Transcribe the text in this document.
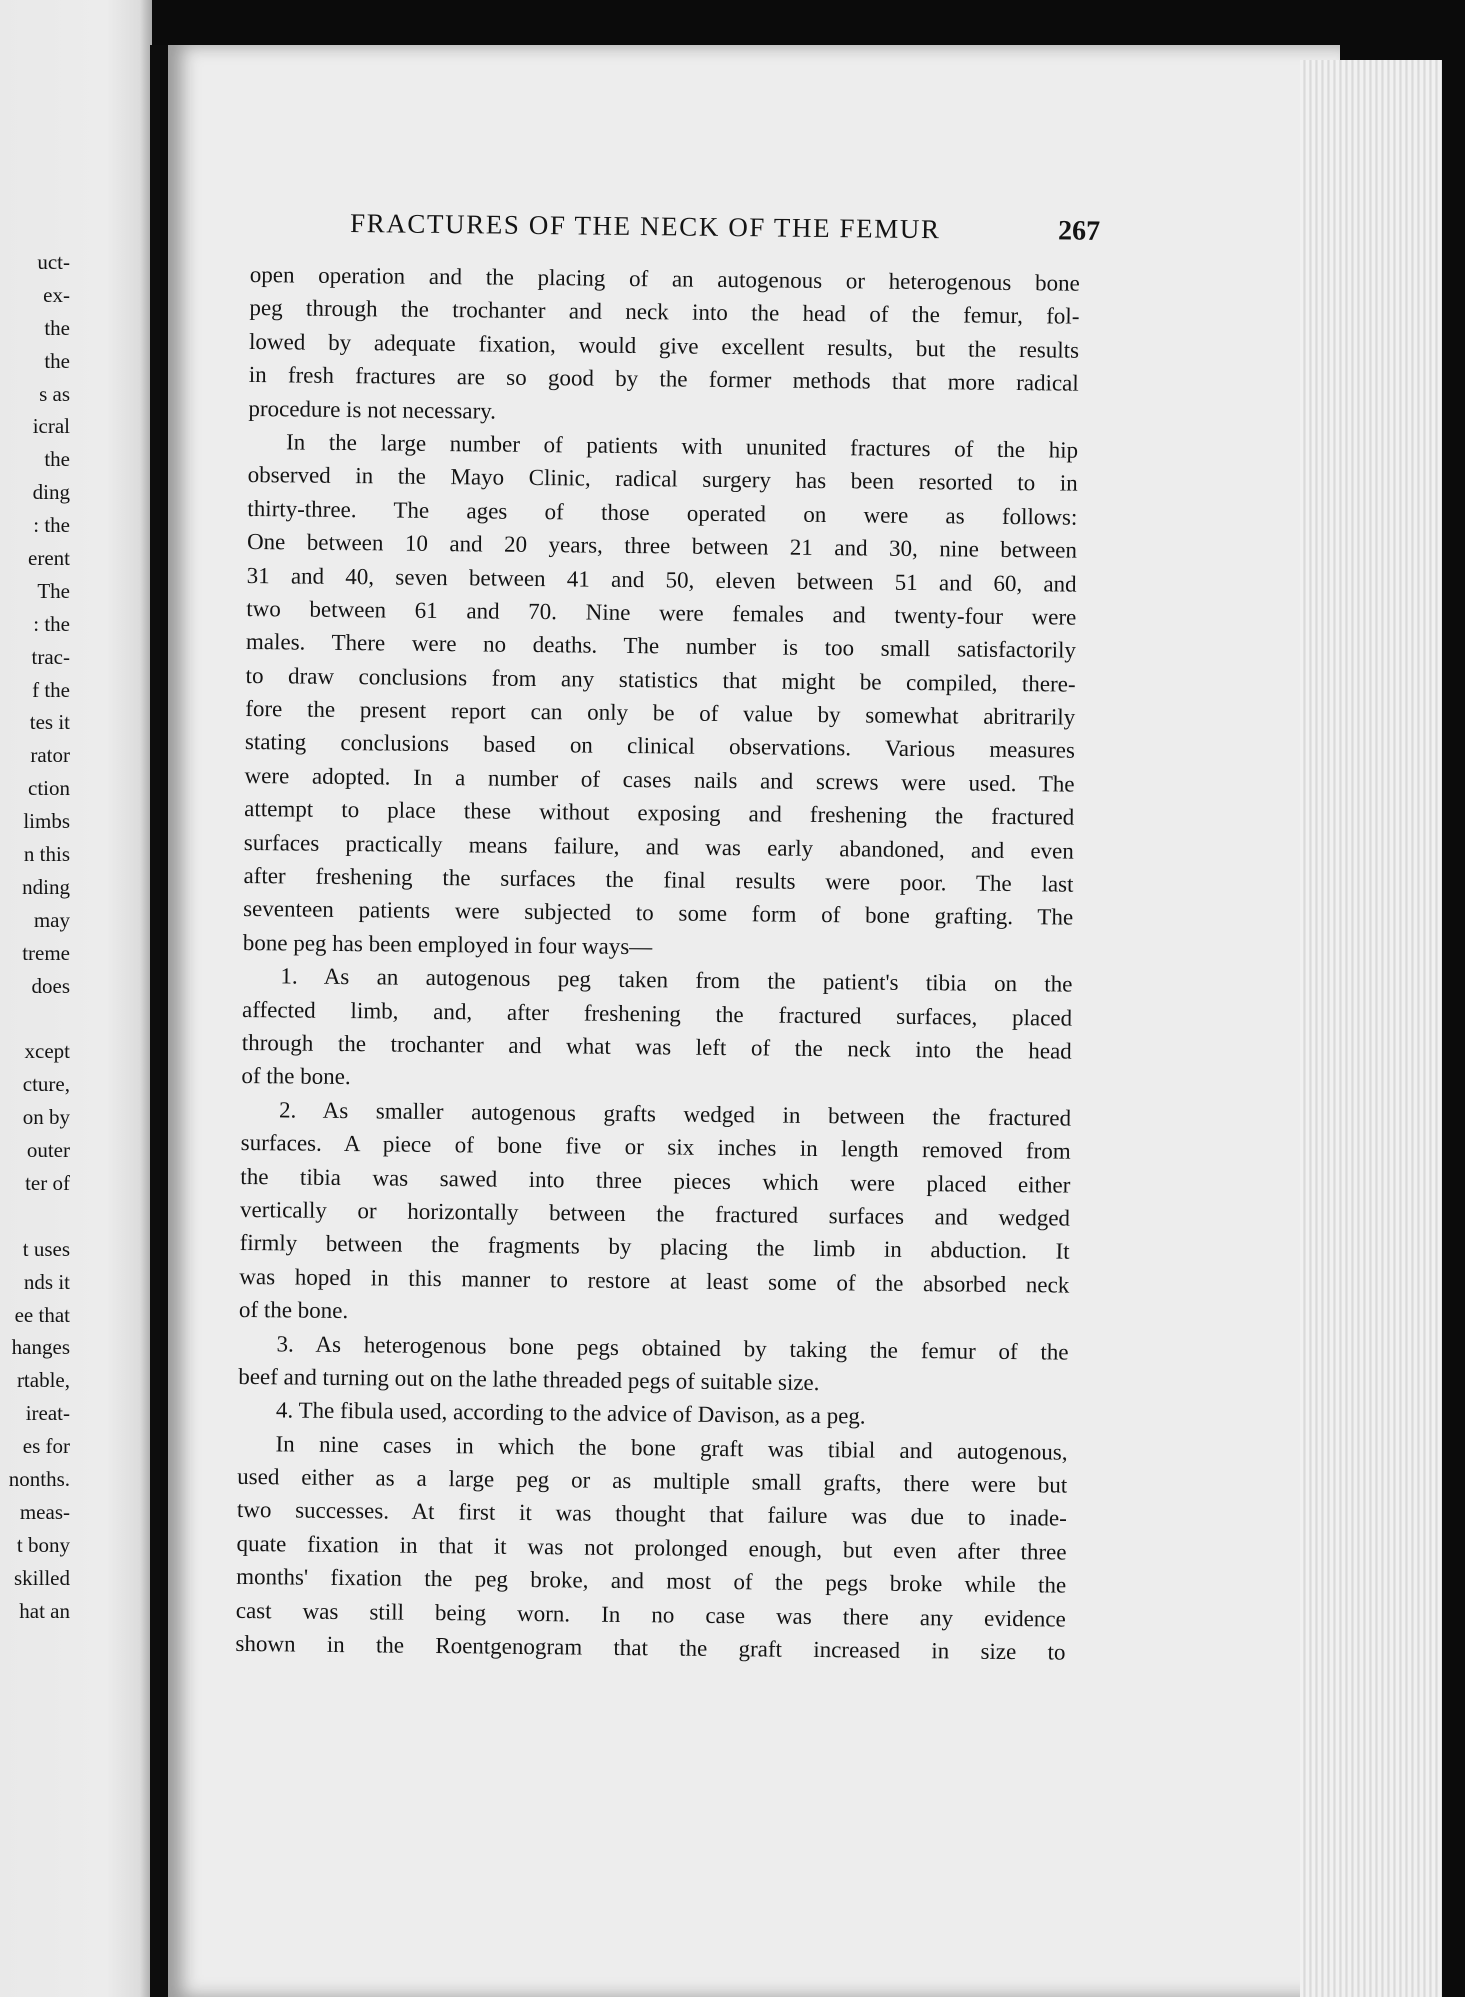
uct-
ex-
the
the
s as
icral
the
ding
: the
erent
The
: the
trac-
f the
tes it
rator
ction
limbs
n this
nding
may
treme
does
xcept
cture,
on by
outer
ter of
t uses
nds it
ee that
hanges
rtable,
ireat-
es for
nonths.
meas-
t bony
skilled
hat an
FRACTURES OF THE NECK OF THE FEMUR	267
open operation and the placing of an autogenous or heterogenous bone
peg through the trochanter and neck into the head of the femur, fol-
lowed by adequate fixation, would give excellent results, but the results
in fresh fractures are so good by the former methods that more radical
procedure is not necessary.
In the large number of patients with ununited fractures of the hip
observed in the Mayo Clinic, radical surgery has been resorted to in
thirty-three. The ages of those operated on were as follows:
One between 10 and 20 years, three between 21 and 30, nine between
31 and 40, seven between 41 and 50, eleven between 51 and 60, and
two between 61 and 70. Nine were females and twenty-four were
males. There were no deaths. The number is too small satisfactorily
to draw conclusions from any statistics that might be compiled, there-
fore the present report can only be of value by somewhat abritrarily
stating conclusions based on clinical observations. Various measures
were adopted. In a number of cases nails and screws were used. The
attempt to place these without exposing and freshening the fractured
surfaces practically means failure, and was early abandoned, and even
after freshening the surfaces the final results were poor. The last
seventeen patients were subjected to some form of bone grafting. The
bone peg has been employed in four ways—
1. As an autogenous peg taken from the patient's tibia on the
affected limb, and, after freshening the fractured surfaces, placed
through the trochanter and what was left of the neck into the head
of the bone.
2. As smaller autogenous grafts wedged in between the fractured
surfaces. A piece of bone five or six inches in length removed from
the tibia was sawed into three pieces which were placed either
vertically or horizontally between the fractured surfaces and wedged
firmly between the fragments by placing the limb in abduction. It
was hoped in this manner to restore at least some of the absorbed neck
of the bone.
3. As heterogenous bone pegs obtained by taking the femur of the
beef and turning out on the lathe threaded pegs of suitable size.
4. The fibula used, according to the advice of Davison, as a peg.
In nine cases in which the bone graft was tibial and autogenous,
used either as a large peg or as multiple small grafts, there were but
two successes. At first it was thought that failure was due to inade-
quate fixation in that it was not prolonged enough, but even after three
months' fixation the peg broke, and most of the pegs broke while the
cast was still being worn. In no case was there any evidence
shown in the Roentgenogram that the graft increased in size to
